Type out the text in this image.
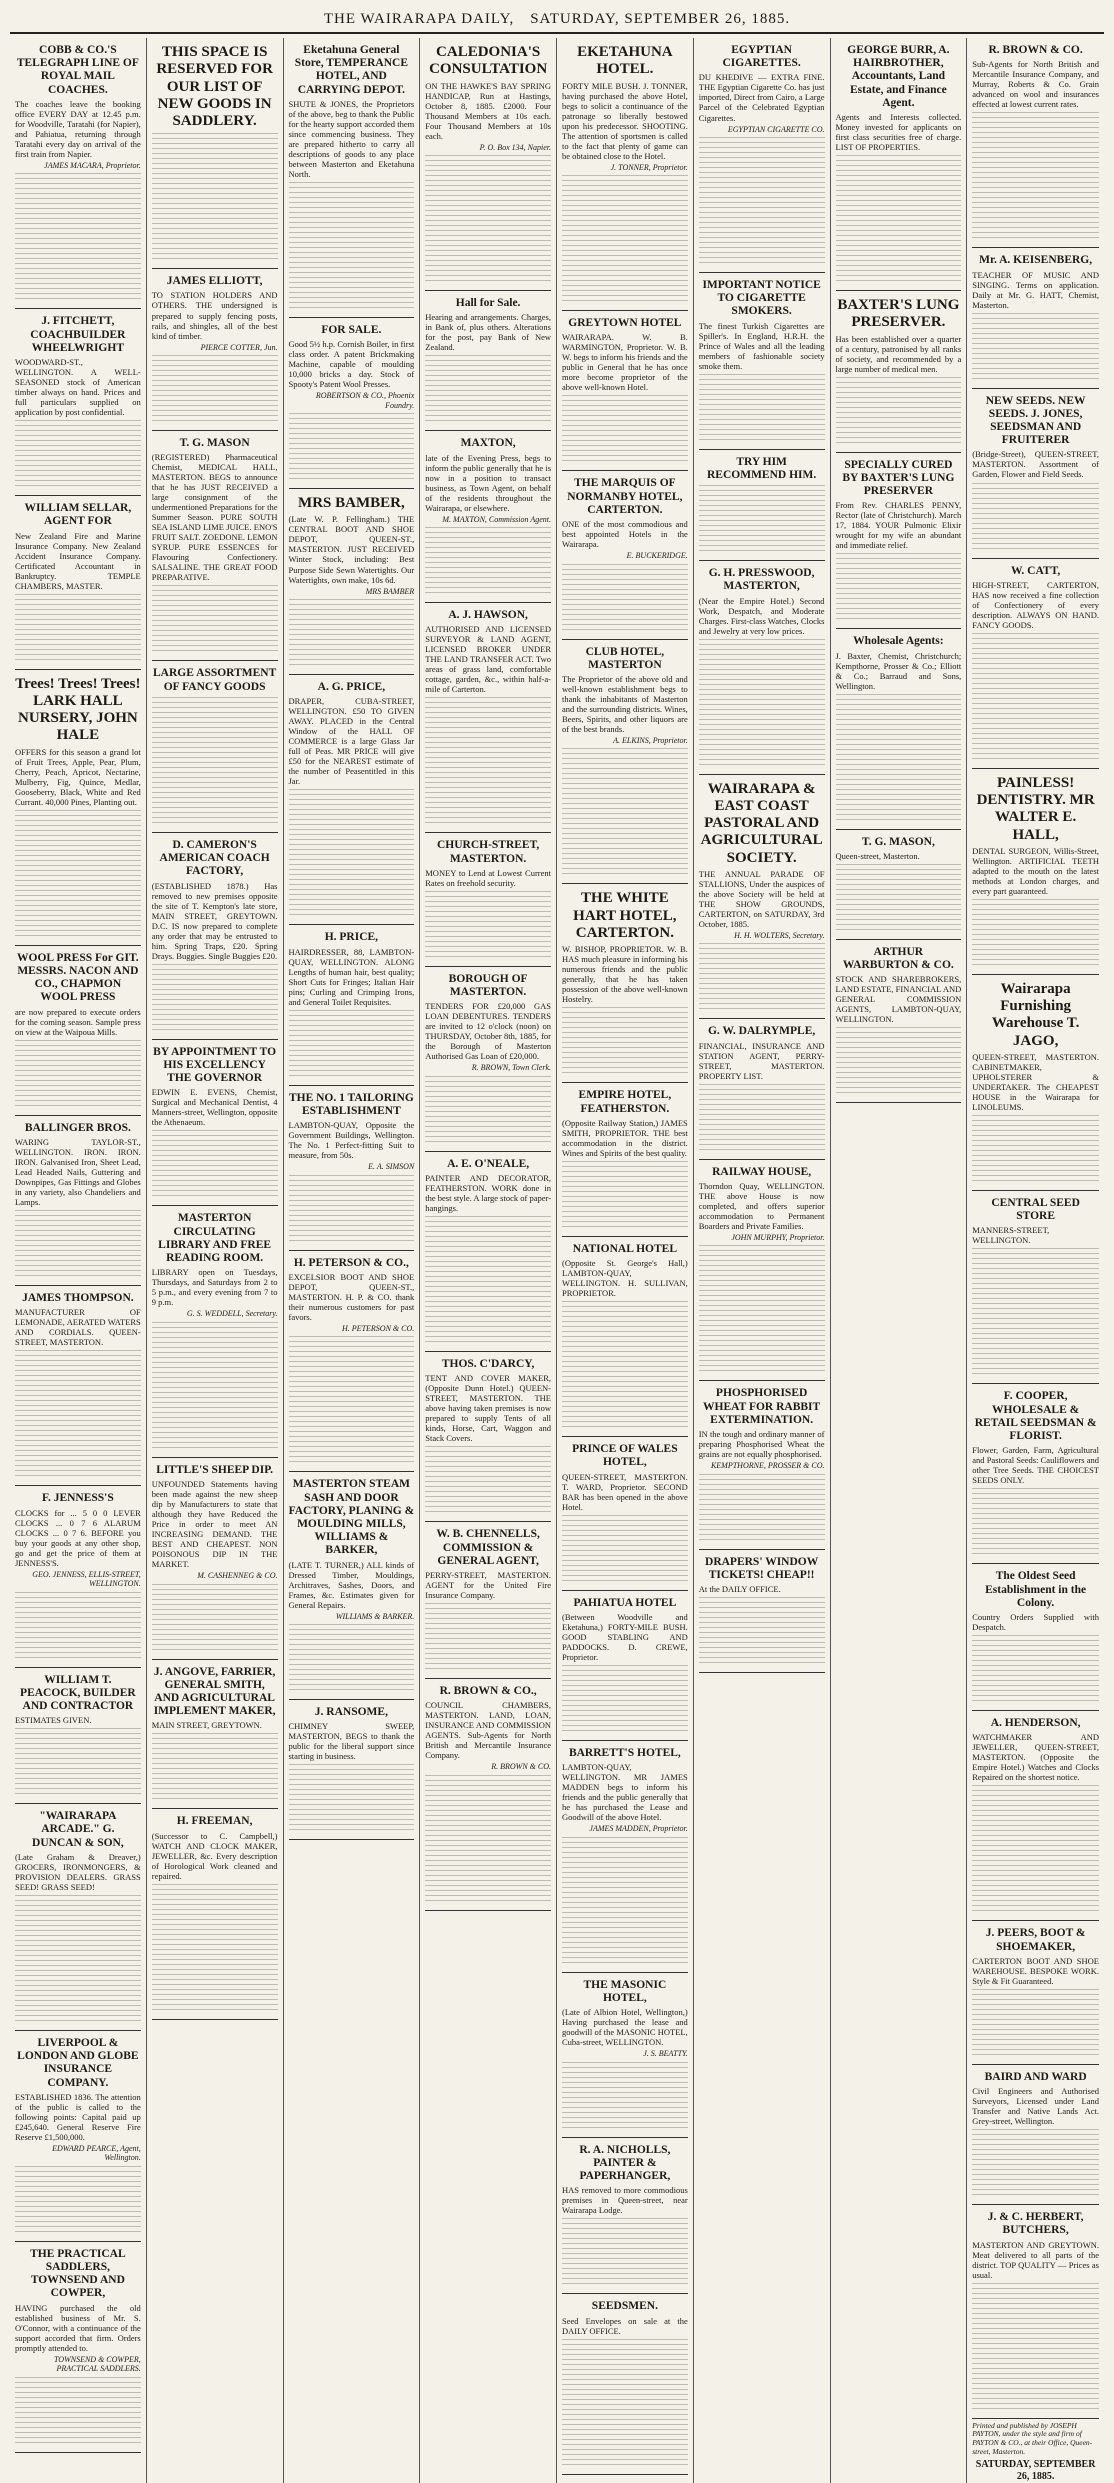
THE WAIRARAPA DAILY, SATURDAY, SEPTEMBER 26, 1885.
COBB & CO.'S TELEGRAPH LINE OF ROYAL MAIL COACHES.

The coaches leave the booking office EVERY DAY at 12.45 p.m. for Woodville, Taratahi (for Napier), and Pahiatua, returning through Taratahi every day on arrival of the first train from Napier.

JAMES MACARA, Proprietor.
J. FITCHETT, COACHBUILDER WHEELWRIGHT

WOODWARD-ST., WELLINGTON. A WELL-SEASONED stock of American timber always on hand. Prices and full particulars supplied on application by post confidential.

WILLIAM SELLAR, AGENT FOR

New Zealand Fire and Marine Insurance Company. New Zealand Accident Insurance Company. Certificated Accountant in Bankruptcy. TEMPLE CHAMBERS, MASTER.

Trees! Trees! Trees! LARK HALL NURSERY, JOHN HALE

OFFERS for this season a grand lot of Fruit Trees, Apple, Pear, Plum, Cherry, Peach, Apricot, Nectarine, Mulberry, Fig, Quince, Medlar, Gooseberry, Black, White and Red Currant. 40,000 Pines, Planting out.

WOOL PRESS For GIT. MESSRS. NACON AND CO., CHAPMON WOOL PRESS

are now prepared to execute orders for the coming season. Sample press on view at the Waipoua Mills.

BALLINGER BROS.

WARING TAYLOR-ST., WELLINGTON. IRON. IRON. IRON. Galvanised Iron, Sheet Lead, Lead Headed Nails, Guttering and Downpipes, Gas Fittings and Globes in any variety, also Chandeliers and Lamps.

JAMES THOMPSON.

MANUFACTURER OF LEMONADE, AERATED WATERS AND CORDIALS. QUEEN-STREET, MASTERTON.

F. JENNESS'S

CLOCKS for ... 5 0 0 LEVER CLOCKS ... 0 7 6 ALARUM CLOCKS ... 0 7 6. BEFORE you buy your goods at any other shop, go and get the price of them at JENNESS'S.

GEO. JENNESS, ELLIS-STREET, WELLINGTON.
WILLIAM T. PEACOCK, BUILDER AND CONTRACTOR

ESTIMATES GIVEN.

"WAIRARAPA ARCADE." G. DUNCAN & SON,

(Late Graham & Dreaver,) GROCERS, IRONMONGERS, & PROVISION DEALERS. GRASS SEED! GRASS SEED!

LIVERPOOL & LONDON AND GLOBE INSURANCE COMPANY.

ESTABLISHED 1836. The attention of the public is called to the following points: Capital paid up £245,640. General Reserve Fire Reserve £1,500,000.

EDWARD PEARCE, Agent, Wellington.
THE PRACTICAL SADDLERS, TOWNSEND AND COWPER,

HAVING purchased the old established business of Mr. S. O'Connor, with a continuance of the support accorded that firm. Orders promptly attended to.

TOWNSEND & COWPER, PRACTICAL SADDLERS.
THIS SPACE IS RESERVED FOR OUR LIST OF NEW GOODS IN SADDLERY.
JAMES ELLIOTT,

TO STATION HOLDERS AND OTHERS. THE undersigned is prepared to supply fencing posts, rails, and shingles, all of the best kind of timber.

PIERCE COTTER, Jun.
T. G. MASON

(REGISTERED) Pharmaceutical Chemist, MEDICAL HALL, MASTERTON. BEGS to announce that he has JUST RECEIVED a large consignment of the undermentioned Preparations for the Summer Season. PURE SOUTH SEA ISLAND LIME JUICE. ENO'S FRUIT SALT. ZOEDONE. LEMON SYRUP. PURE ESSENCES for Flavouring Confectionery. SALSALINE. THE GREAT FOOD PREPARATIVE.

LARGE ASSORTMENT OF FANCY GOODS
D. CAMERON'S AMERICAN COACH FACTORY,

(ESTABLISHED 1878.) Has removed to new premises opposite the site of T. Kempton's late store, MAIN STREET, GREYTOWN. D.C. IS now prepared to complete any order that may be entrusted to him. Spring Traps, £20. Spring Drays. Buggies. Single Buggies £20.

BY APPOINTMENT TO HIS EXCELLENCY THE GOVERNOR

EDWIN E. EVENS, Chemist, Surgical and Mechanical Dentist, 4 Manners-street, Wellington, opposite the Athenaeum.

MASTERTON CIRCULATING LIBRARY AND FREE READING ROOM.

LIBRARY open on Tuesdays, Thursdays, and Saturdays from 2 to 5 p.m., and every evening from 7 to 9 p.m.

G. S. WEDDELL, Secretary.
LITTLE'S SHEEP DIP.

UNFOUNDED Statements having been made against the new sheep dip by Manufacturers to state that although they have Reduced the Price in order to meet AN INCREASING DEMAND. THE BEST AND CHEAPEST. NON POISONOUS DIP IN THE MARKET.

M. CASHENNEG & CO.
J. ANGOVE, FARRIER, GENERAL SMITH, AND AGRICULTURAL IMPLEMENT MAKER,

MAIN STREET, GREYTOWN.

H. FREEMAN,

(Successor to C. Campbell,) WATCH AND CLOCK MAKER, JEWELLER, &c. Every description of Horological Work cleaned and repaired.

Eketahuna General Store, TEMPERANCE HOTEL, AND CARRYING DEPOT.

SHUTE & JONES, the Proprietors of the above, beg to thank the Public for the hearty support accorded them since commencing business. They are prepared hitherto to carry all descriptions of goods to any place between Masterton and Eketahuna North.

FOR SALE.

Good 5½ h.p. Cornish Boiler, in first class order. A patent Brickmaking Machine, capable of moulding 10,000 bricks a day. Stock of Spooty's Patent Wool Presses.

ROBERTSON & CO., Phoenix Foundry.
MRS BAMBER,

(Late W. P. Fellingham.) THE CENTRAL BOOT AND SHOE DEPOT, QUEEN-ST., MASTERTON. JUST RECEIVED Winter Stock, including: Best Purpose Side Sewn Watertights. Our Watertights, own make, 10s 6d.

MRS BAMBER
A. G. PRICE,

DRAPER, CUBA-STREET, WELLINGTON. £50 TO GIVEN AWAY. PLACED in the Central Window of the HALL OF COMMERCE is a large Glass Jar full of Peas. MR PRICE will give £50 for the NEAREST estimate of the number of Peasentitled in this Jar.

H. PRICE,

HAIRDRESSER, 88, LAMBTON-QUAY, WELLINGTON. ALONG Lengths of human hair, best quality; Short Cuts for Fringes; Italian Hair pins; Curling and Crimping Irons, and General Toilet Requisites.

THE NO. 1 TAILORING ESTABLISHMENT

LAMBTON-QUAY, Opposite the Government Buildings, Wellington. The No. 1 Perfect-fitting Suit to measure, from 50s.

E. A. SIMSON
H. PETERSON & CO.,

EXCELSIOR BOOT AND SHOE DEPOT, QUEEN-ST., MASTERTON. H. P. & CO. thank their numerous customers for past favors.

H. PETERSON & CO.
MASTERTON STEAM SASH AND DOOR FACTORY, PLANING & MOULDING MILLS, WILLIAMS & BARKER,

(LATE T. TURNER,) ALL kinds of Dressed Timber, Mouldings, Architraves, Sashes, Doors, and Frames, &c. Estimates given for General Repairs.

WILLIAMS & BARKER.
J. RANSOME,

CHIMNEY SWEEP, MASTERTON, BEGS to thank the public for the liberal support since starting in business.

CALEDONIA'S CONSULTATION

ON THE HAWKE'S BAY SPRING HANDICAP, Run at Hastings, October 8, 1885. £2000. Four Thousand Members at 10s each. Four Thousand Members at 10s each.

P. O. Box 134, Napier.
Hall for Sale.

Hearing and arrangements. Charges, in Bank of, plus others. Alterations for the post, pay Bank of New Zealand.

MAXTON,

late of the Evening Press, begs to inform the public generally that he is now in a position to transact business, as Town Agent, on behalf of the residents throughout the Wairarapa, or elsewhere.

M. MAXTON, Commission Agent.
A. J. HAWSON,

AUTHORISED AND LICENSED SURVEYOR & LAND AGENT, LICENSED BROKER UNDER THE LAND TRANSFER ACT. Two areas of grass land, comfortable cottage, garden, &c., within half-a-mile of Carterton.

CHURCH-STREET, MASTERTON.

MONEY to Lend at Lowest Current Rates on freehold security.

BOROUGH OF MASTERTON.

TENDERS FOR £20,000 GAS LOAN DEBENTURES. TENDERS are invited to 12 o'clock (noon) on THURSDAY, October 8th, 1885, for the Borough of Masterton Authorised Gas Loan of £20,000.

R. BROWN, Town Clerk.
A. E. O'NEALE,

PAINTER AND DECORATOR, FEATHERSTON. WORK done in the best style. A large stock of paper-hangings.

THOS. C'DARCY,

TENT AND COVER MAKER, (Opposite Dunn Hotel.) QUEEN-STREET, MASTERTON. THE above having taken premises is now prepared to supply Tents of all kinds, Horse, Cart, Waggon and Stack Covers.

W. B. CHENNELLS, COMMISSION & GENERAL AGENT,

PERRY-STREET, MASTERTON. AGENT for the United Fire Insurance Company.

R. BROWN & CO.,

COUNCIL CHAMBERS, MASTERTON. LAND, LOAN, INSURANCE AND COMMISSION AGENTS. Sub-Agents for North British and Mercantile Insurance Company.

R. BROWN & CO.
EKETAHUNA HOTEL.

FORTY MILE BUSH. J. TONNER, having purchased the above Hotel, begs to solicit a continuance of the patronage so liberally bestowed upon his predecessor. SHOOTING. The attention of sportsmen is called to the fact that plenty of game can be obtained close to the Hotel.

J. TONNER, Proprietor.
GREYTOWN HOTEL

WAIRARAPA. W. B. WARMINGTON, Proprietor. W. B. W. begs to inform his friends and the public in General that he has once more become proprietor of the above well-known Hotel.

THE MARQUIS OF NORMANBY HOTEL, CARTERTON.

ONE of the most commodious and best appointed Hotels in the Wairarapa.

E. BUCKERIDGE.
CLUB HOTEL, MASTERTON

The Proprietor of the above old and well-known establishment begs to thank the inhabitants of Masterton and the surrounding districts. Wines, Beers, Spirits, and other liquors are of the best brands.

A. ELKINS, Proprietor.
THE WHITE HART HOTEL, CARTERTON.

W. BISHOP, PROPRIETOR. W. B. HAS much pleasure in informing his numerous friends and the public generally, that he has taken possession of the above well-known Hostelry.

EMPIRE HOTEL, FEATHERSTON.

(Opposite Railway Station,) JAMES SMITH, PROPRIETOR. THE best accommodation in the district. Wines and Spirits of the best quality.

NATIONAL HOTEL

(Opposite St. George's Hall,) LAMBTON-QUAY, WELLINGTON. H. SULLIVAN, PROPRIETOR.

PRINCE OF WALES HOTEL,

QUEEN-STREET, MASTERTON. T. WARD, Proprietor. SECOND BAR has been opened in the above Hotel.

PAHIATUA HOTEL

(Between Woodville and Eketahuna,) FORTY-MILE BUSH. GOOD STABLING AND PADDOCKS. D. CREWE, Proprietor.

BARRETT'S HOTEL,

LAMBTON-QUAY, WELLINGTON. MR JAMES MADDEN begs to inform his friends and the public generally that he has purchased the Lease and Goodwill of the above Hotel.

JAMES MADDEN, Proprietor.
THE MASONIC HOTEL,

(Late of Albion Hotel, Wellington,) Having purchased the lease and goodwill of the MASONIC HOTEL, Cuba-street, WELLINGTON.

J. S. BEATTY.
R. A. NICHOLLS, PAINTER & PAPERHANGER,

HAS removed to more commodious premises in Queen-street, near Wairarapa Lodge.

SEEDSMEN.

Seed Envelopes on sale at the DAILY OFFICE.

EGYPTIAN CIGARETTES.

DU KHEDIVE — EXTRA FINE. THE Egyptian Cigarette Co. has just imported, Direct from Cairo, a Large Parcel of the Celebrated Egyptian Cigarettes.

EGYPTIAN CIGARETTE CO.
IMPORTANT NOTICE TO CIGARETTE SMOKERS.

The finest Turkish Cigarettes are Spiller's. In England, H.R.H. the Prince of Wales and all the leading members of fashionable society smoke them.

TRY HIM RECOMMEND HIM.
G. H. PRESSWOOD, MASTERTON,

(Near the Empire Hotel.) Second Work, Despatch, and Moderate Charges. First-class Watches, Clocks and Jewelry at very low prices.

WAIRARAPA & EAST COAST PASTORAL AND AGRICULTURAL SOCIETY.

THE ANNUAL PARADE OF STALLIONS, Under the auspices of the above Society will be held at THE SHOW GROUNDS, CARTERTON, on SATURDAY, 3rd October, 1885.

H. H. WOLTERS, Secretary.
G. W. DALRYMPLE,

FINANCIAL, INSURANCE AND STATION AGENT, PERRY-STREET, MASTERTON. PROPERTY LIST.

RAILWAY HOUSE,

Thorndon Quay, WELLINGTON. THE above House is now completed, and offers superior accommodation to Permanent Boarders and Private Families.

JOHN MURPHY, Proprietor.
PHOSPHORISED WHEAT FOR RABBIT EXTERMINATION.

IN the tough and ordinary manner of preparing Phosphorised Wheat the grains are not equally phosphorised.

KEMPTHORNE, PROSSER & CO.
DRAPERS' WINDOW TICKETS! CHEAP!!

At the DAILY OFFICE.

GEORGE BURR, A. HAIRBROTHER, Accountants, Land Estate, and Finance Agent.

Agents and Interests collected. Money invested for applicants on first class securities free of charge. LIST OF PROPERTIES.

BAXTER'S LUNG PRESERVER.

Has been established over a quarter of a century, patronised by all ranks of society, and recommended by a large number of medical men.

SPECIALLY CURED BY BAXTER'S LUNG PRESERVER

From Rev. CHARLES PENNY, Rector (late of Christchurch). March 17, 1884. YOUR Pulmonic Elixir wrought for my wife an abundant and immediate relief.

Wholesale Agents:

J. Baxter, Chemist, Christchurch; Kempthorne, Prosser & Co.; Elliott & Co.; Barraud and Sons, Wellington.

T. G. MASON,

Queen-street, Masterton.

ARTHUR WARBURTON & CO.

STOCK AND SHAREBROKERS, LAND ESTATE, FINANCIAL AND GENERAL COMMISSION AGENTS, LAMBTON-QUAY, WELLINGTON.

R. BROWN & CO.

Sub-Agents for North British and Mercantile Insurance Company, and Murray, Roberts & Co. Grain advanced on wool and insurances effected at lowest current rates.

Mr. A. KEISENBERG,

TEACHER OF MUSIC AND SINGING. Terms on application. Daily at Mr. G. HATT, Chemist, Masterton.

NEW SEEDS. NEW SEEDS. J. JONES, SEEDSMAN AND FRUITERER

(Bridge-Street), QUEEN-STREET, MASTERTON. Assortment of Garden, Flower and Field Seeds.

W. CATT,

HIGH-STREET, CARTERTON, HAS now received a fine collection of Confectionery of every description. ALWAYS ON HAND. FANCY GOODS.

PAINLESS! DENTISTRY. MR WALTER E. HALL,

DENTAL SURGEON, Willis-Street, Wellington. ARTIFICIAL TEETH adapted to the mouth on the latest methods at London charges, and every part guaranteed.

Wairarapa Furnishing Warehouse T. JAGO,

QUEEN-STREET, MASTERTON. CABINETMAKER, UPHOLSTERER & UNDERTAKER. The CHEAPEST HOUSE in the Wairarapa for LINOLEUMS.

CENTRAL SEED STORE

MANNERS-STREET, WELLINGTON.

F. COOPER, WHOLESALE & RETAIL SEEDSMAN & FLORIST.

Flower, Garden, Farm, Agricultural and Pastoral Seeds: Cauliflowers and other Tree Seeds. THE CHOICEST SEEDS ONLY.

The Oldest Seed Establishment in the Colony.

Country Orders Supplied with Despatch.

A. HENDERSON,

WATCHMAKER AND JEWELLER, QUEEN-STREET, MASTERTON. (Opposite the Empire Hotel.) Watches and Clocks Repaired on the shortest notice.

J. PEERS, BOOT & SHOEMAKER,

CARTERTON BOOT AND SHOE WAREHOUSE. BESPOKE WORK. Style & Fit Guaranteed.

BAIRD AND WARD

Civil Engineers and Authorised Surveyors, Licensed under Land Transfer and Native Lands Act. Grey-street, Wellington.

J. & C. HERBERT, BUTCHERS,

MASTERTON AND GREYTOWN. Meat delivered to all parts of the district. TOP QUALITY — Prices as usual.

Printed and published by JOSEPH PAYTON, under the style and firm of PAYTON & CO., at their Office, Queen-street, Masterton.
SATURDAY, SEPTEMBER 26, 1885.
